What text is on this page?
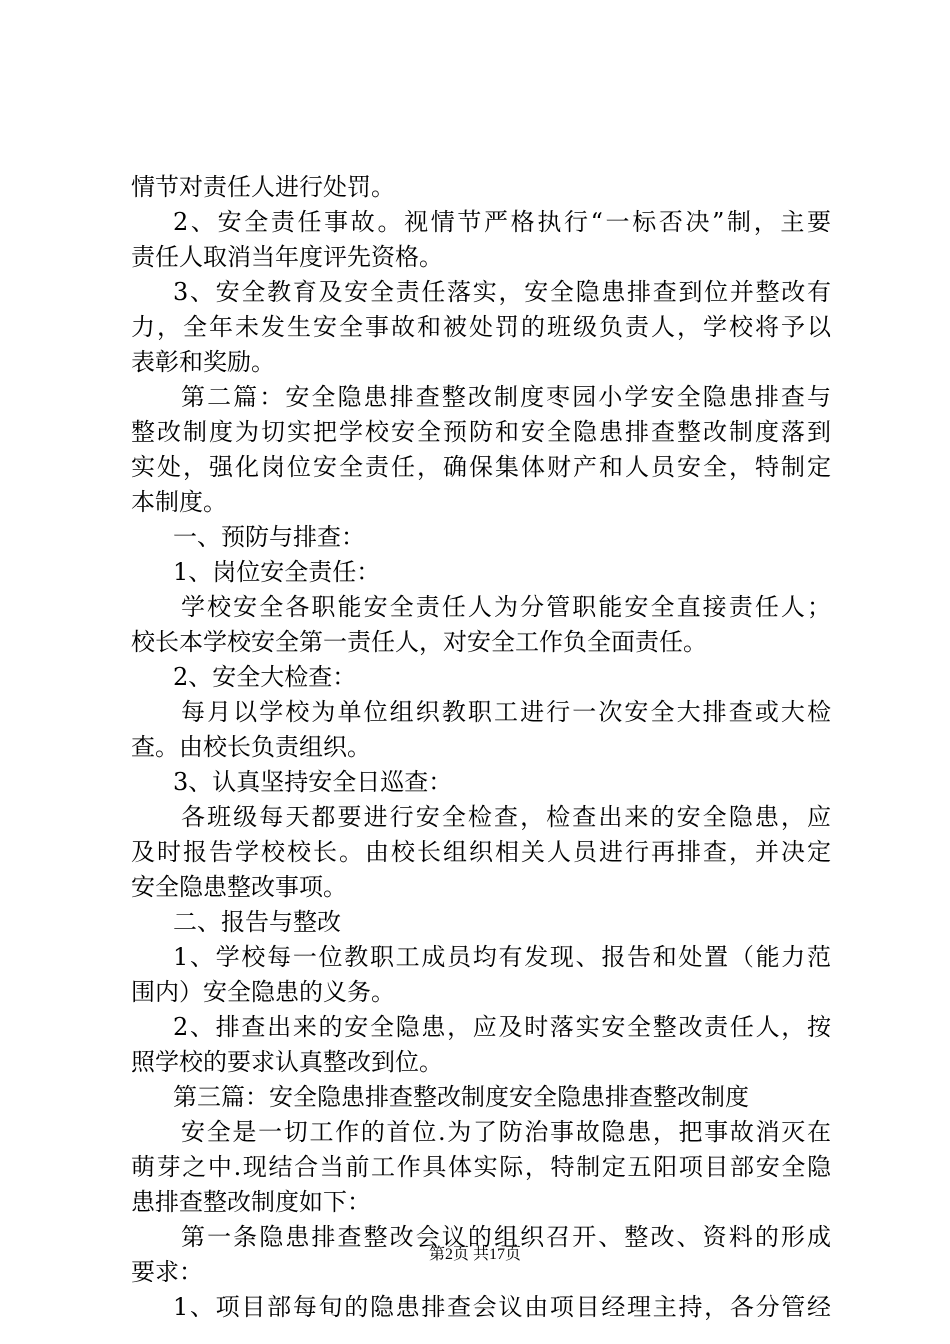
情节对责任人进行处罚。
2、安全责任事故。视情节严格执行“一标否决”制，主要
责任人取消当年度评先资格。
3、安全教育及安全责任落实，安全隐患排查到位并整改有
力，全年未发生安全事故和被处罚的班级负责人，学校将予以
表彰和奖励。
第二篇：安全隐患排查整改制度枣园小学安全隐患排查与
整改制度为切实把学校安全预防和安全隐患排查整改制度落到
实处，强化岗位安全责任，确保集体财产和人员安全，特制定
本制度。
一、预防与排查：
1、岗位安全责任：
学校安全各职能安全责任人为分管职能安全直接责任人；
校长本学校安全第一责任人，对安全工作负全面责任。
2、安全大检查：
每月以学校为单位组织教职工进行一次安全大排查或大检
查。由校长负责组织。
3、认真坚持安全日巡查：
各班级每天都要进行安全检查，检查出来的安全隐患，应
及时报告学校校长。由校长组织相关人员进行再排查，并决定
安全隐患整改事项。
二、报告与整改
1、学校每一位教职工成员均有发现、报告和处置（能力范
围内）安全隐患的义务。
2、排查出来的安全隐患，应及时落实安全整改责任人，按
照学校的要求认真整改到位。
第三篇：安全隐患排查整改制度安全隐患排查整改制度
安全是一切工作的首位.为了防治事故隐患，把事故消灭在
萌芽之中.现结合当前工作具体实际，特制定五阳项目部安全隐
患排查整改制度如下：
第一条隐患排查整改会议的组织召开、整改、资料的形成
要求：
1、项目部每旬的隐患排查会议由项目经理主持，各分管经
第2页 共17页
